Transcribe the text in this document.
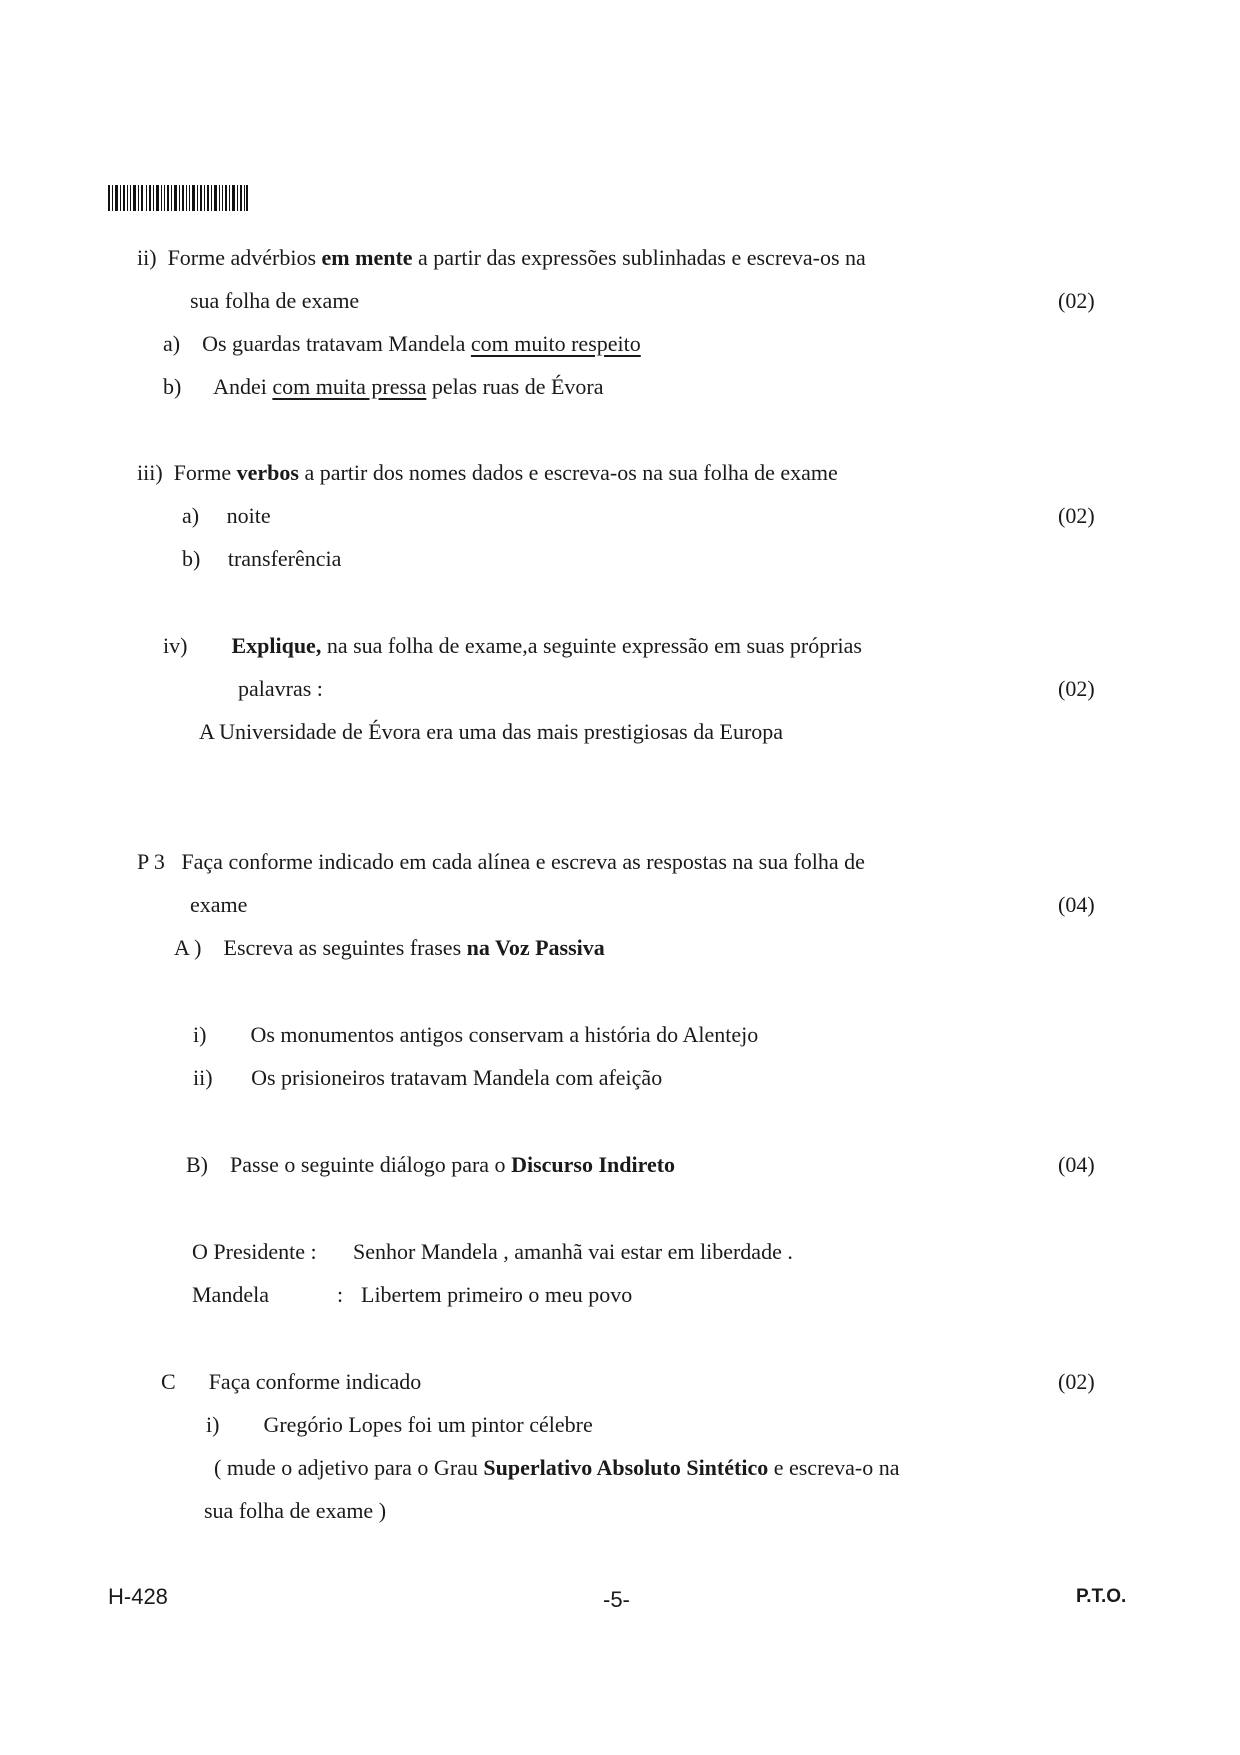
ii) Forme advérbios em mente a partir das expressões sublinhadas e escreva-os na
sua folha de exame	(02)
a) Os guardas tratavam Mandela com muito respeito
b) Andei com muita pressa pelas ruas de Évora
iii) Forme verbos a partir dos nomes dados e escreva-os na sua folha de exame
a) noite	(02)
b) transferência
iv) Explique, na sua folha de exame,a seguinte expressão em suas próprias
palavras :	(02)
A Universidade de Évora era uma das mais prestigiosas da Europa
P 3 Faça conforme indicado em cada alínea e escreva as respostas na sua folha de
exame	(04)
A ) Escreva as seguintes frases na Voz Passiva
i) Os monumentos antigos conservam a história do Alentejo
ii) Os prisioneiros tratavam Mandela com afeição
B) Passe o seguinte diálogo para o Discurso Indireto	(04)
O Presidente : Senhor Mandela , amanhã vai estar em liberdade .
Mandela	: Libertem primeiro o meu povo
C Faça conforme indicado	(02)
i) Gregório Lopes foi um pintor célebre
( mude o adjetivo para o Grau Superlativo Absoluto Sintético e escreva-o na
sua folha de exame )
H-428	-5-	P.T.O.
